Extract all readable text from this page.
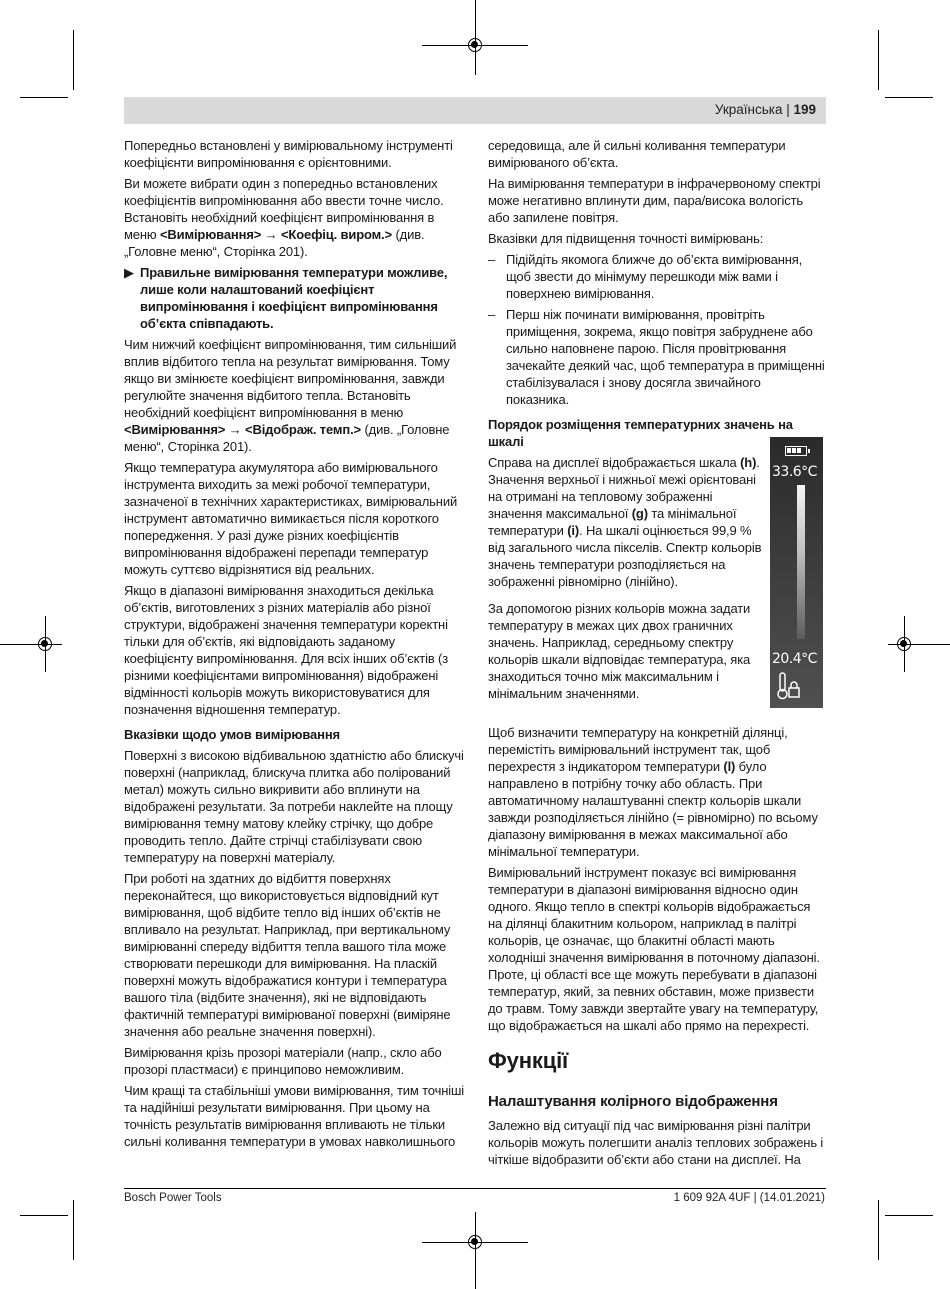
Українська | 199

Попередньо встановлені у вимірювальному інструменті коефіцієнти випромінювання є орієнтовними.

Ви можете вибрати один з попередньо встановлених коефіцієнтів випромінювання або ввести точне число. Встановіть необхідний коефіцієнт випромінювання в меню <Вимірювання> → <Коефіц. виром.> (див. „Головне меню“, Сторінка 201).

▶ Правильне вимірювання температури можливе, лише коли налаштований коефіцієнт випромінювання і коефіцієнт випромінювання об’єкта співпадають.

Чим нижчий коефіцієнт випромінювання, тим сильніший вплив відбитого тепла на результат вимірювання. Тому якщо ви змінюєте коефіцієнт випромінювання, завжди регулюйте значення відбитого тепла. Встановіть необхідний коефіцієнт випромінювання в меню <Вимірювання> → <Відображ. темп.> (див. „Головне меню“, Сторінка 201).

Якщо температура акумулятора або вимірювального інструмента виходить за межі робочої температури, зазначеної в технічних характеристиках, вимірювальний інструмент автоматично вимикається після короткого попередження. У разі дуже різних коефіцієнтів випромінювання відображені перепади температур можуть суттєво відрізнятися від реальних.

Якщо в діапазоні вимірювання знаходиться декілька об’єктів, виготовлених з різних матеріалів або різної структури, відображені значення температури коректні тільки для об’єктів, які відповідають заданому коефіцієнту випромінювання. Для всіх інших об’єктів (з різними коефіцієнтами випромінювання) відображені відмінності кольорів можуть використовуватися для позначення відношення температур.

Вказівки щодо умов вимірювання

Поверхні з високою відбивальною здатністю або блискучі поверхні (наприклад, блискуча плитка або полірований метал) можуть сильно викривити або вплинути на відображені результати. За потреби наклейте на площу вимірювання темну матову клейку стрічку, що добре проводить тепло. Дайте стрічці стабілізувати свою температуру на поверхні матеріалу.

При роботі на здатних до відбиття поверхнях переконайтеся, що використовується відповідний кут вимірювання, щоб відбите тепло від інших об’єктів не впливало на результат. Наприклад, при вертикальному вимірюванні спереду відбиття тепла вашого тіла може створювати перешкоди для вимірювання. На пласкій поверхні можуть відображатися контури і температура вашого тіла (відбите значення), які не відповідають фактичній температурі вимірюваної поверхні (виміряне значення або реальне значення поверхні).

Вимірювання крізь прозорі матеріали (напр., скло або прозорі пластмаси) є принципово неможливим.

Чим кращі та стабільніші умови вимірювання, тим точніші та надійніші результати вимірювання. При цьому на точність результатів вимірювання впливають не тільки сильні коливання температури в умовах навколишнього

середовища, але й сильні коливання температури вимірюваного об’єкта.

На вимірювання температури в інфрачервоному спектрі може негативно вплинути дим, пара/висока вологість або запилене повітря.

Вказівки для підвищення точності вимірювань:

– Підійдіть якомога ближче до об’єкта вимірювання, щоб звести до мінімуму перешкоди між вами і поверхнею вимірювання.
– Перш ніж починати вимірювання, провітріть приміщення, зокрема, якщо повітря забруднене або сильно наповнене парою. Після провітрювання зачекайте деякий час, щоб температура в приміщенні стабілізувалася і знову досягла звичайного показника.
Порядок розміщення температурних значень на шкалі

Справа на дисплеї відображається шкала (h). Значення верхньої і нижньої межі орієнтовані на отримані на тепловому зображенні значення максимальної (g) та мінімальної температури (i). На шкалі оцінюється 99,9 % від загального числа пікселів. Спектр кольорів значень температури розподіляється на зображенні рівномірно (лінійно).

За допомогою різних кольорів можна задати температуру в межах цих двох граничних значень. Наприклад, середньому спектру кольорів шкали відповідає температура, яка знаходиться точно між максимальним і мінімальним значеннями.

Щоб визначити температуру на конкретній ділянці, перемістіть вимірювальний інструмент так, щоб перехрестя з індикатором температури (l) було направлено в потрібну точку або область. При автоматичному налаштуванні спектр кольорів шкали завжди розподіляється лінійно (= рівномірно) по всьому діапазону вимірювання в межах максимальної або мінімальної температури.

Вимірювальний інструмент показує всі вимірювання температури в діапазоні вимірювання відносно один одного. Якщо тепло в спектрі кольорів відображається на ділянці блакитним кольором, наприклад в палітрі кольорів, це означає, що блакитні області мають холодніші значення вимірювання в поточному діапазоні. Проте, ці області все ще можуть перебувати в діапазоні температур, який, за певних обставин, може призвести до травм. Тому завжди звертайте увагу на температуру, що відображається на шкалі або прямо на перехресті.

Функції
Налаштування колірного відображення

Залежно від ситуації під час вимірювання різні палітри кольорів можуть полегшити аналіз теплових зображень і чіткіше відобразити об’єкти або стани на дисплеї. На

33.6°C
20.4°C
Bosch Power Tools	1 609 92A 4UF | (14.01.2021)
